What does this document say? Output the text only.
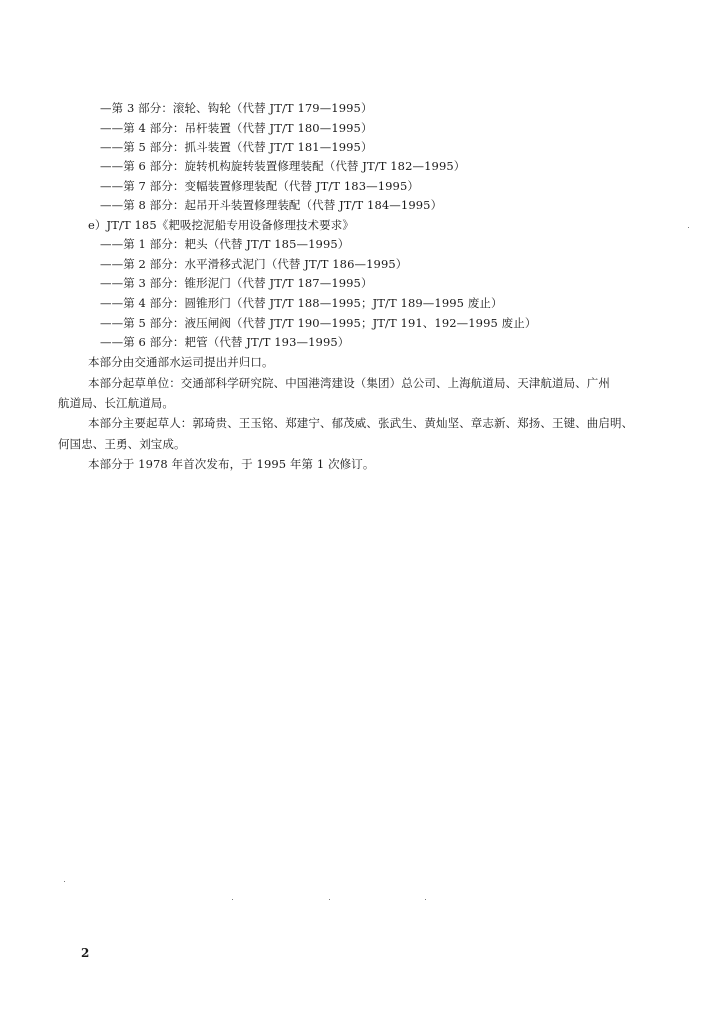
—第 3 部分：滚轮、钩轮（代替 JT/T 179—1995）
——第 4 部分：吊杆装置（代替 JT/T 180—1995）
——第 5 部分：抓斗装置（代替 JT/T 181—1995）
——第 6 部分：旋转机构旋转装置修理装配（代替 JT/T 182—1995）
——第 7 部分：变幅装置修理装配（代替 JT/T 183—1995）
——第 8 部分：起吊开斗装置修理装配（代替 JT/T 184—1995）
e）JT/T 185《耙吸挖泥船专用设备修理技术要求》
——第 1 部分：耙头（代替 JT/T 185—1995）
——第 2 部分：水平滑移式泥门（代替 JT/T 186—1995）
——第 3 部分：锥形泥门（代替 JT/T 187—1995）
——第 4 部分：圆锥形门（代替 JT/T 188—1995；JT/T 189—1995 废止）
——第 5 部分：液压闸阀（代替 JT/T 190—1995；JT/T 191、192—1995 废止）
——第 6 部分：耙管（代替 JT/T 193—1995）
本部分由交通部水运司提出并归口。
本部分起草单位：交通部科学研究院、中国港湾建设（集团）总公司、上海航道局、天津航道局、广州
航道局、长江航道局。
本部分主要起草人：郭琦贵、王玉铭、郑建宁、郁茂威、张武生、黄灿坚、章志新、郑扬、王键、曲启明、
何国忠、王勇、刘宝成。
本部分于 1978 年首次发布，于 1995 年第 1 次修订。
2
